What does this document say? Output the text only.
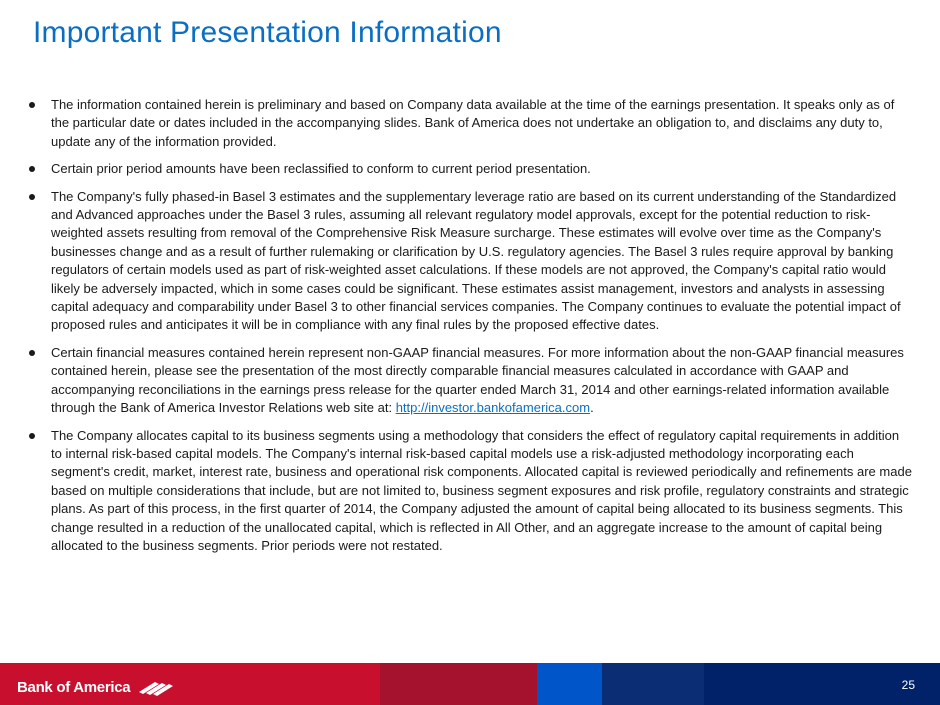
Important Presentation Information
The information contained herein is preliminary and based on Company data available at the time of the earnings presentation. It speaks only as of the particular date or dates included in the accompanying slides. Bank of America does not undertake an obligation to, and disclaims any duty to, update any of the information provided.
Certain prior period amounts have been reclassified to conform to current period presentation.
The Company's fully phased-in Basel 3 estimates and the supplementary leverage ratio are based on its current understanding of the Standardized and Advanced approaches under the Basel 3 rules, assuming all relevant regulatory model approvals, except for the potential reduction to risk-weighted assets resulting from removal of the Comprehensive Risk Measure surcharge. These estimates will evolve over time as the Company's businesses change and as a result of further rulemaking or clarification by U.S. regulatory agencies. The Basel 3 rules require approval by banking regulators of certain models used as part of risk-weighted asset calculations. If these models are not approved, the Company's capital ratio would likely be adversely impacted, which in some cases could be significant. These estimates assist management, investors and analysts in assessing capital adequacy and comparability under Basel 3 to other financial services companies. The Company continues to evaluate the potential impact of proposed rules and anticipates it will be in compliance with any final rules by the proposed effective dates.
Certain financial measures contained herein represent non-GAAP financial measures. For more information about the non-GAAP financial measures contained herein, please see the presentation of the most directly comparable financial measures calculated in accordance with GAAP and accompanying reconciliations in the earnings press release for the quarter ended March 31, 2014 and other earnings-related information available through the Bank of America Investor Relations web site at: http://investor.bankofamerica.com.
The Company allocates capital to its business segments using a methodology that considers the effect of regulatory capital requirements in addition to internal risk-based capital models. The Company's internal risk-based capital models use a risk-adjusted methodology incorporating each segment's credit, market, interest rate, business and operational risk components. Allocated capital is reviewed periodically and refinements are made based on multiple considerations that include, but are not limited to, business segment exposures and risk profile, regulatory constraints and strategic plans. As part of this process, in the first quarter of 2014, the Company adjusted the amount of capital being allocated to its business segments. This change resulted in a reduction of the unallocated capital, which is reflected in All Other, and an aggregate increase to the amount of capital being allocated to the business segments. Prior periods were not restated.
Bank of America	25
